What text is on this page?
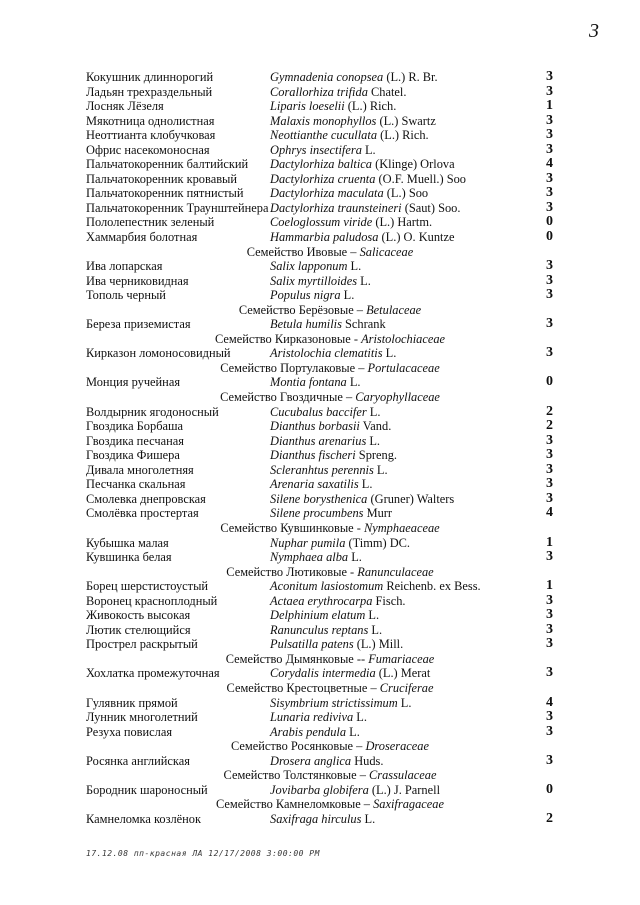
3
Кокушник длиннорогий	Gymnadenia conopsea (L.) R. Br.	3
Ладьян трехраздельный	Corallorhiza trifida Chatel.	3
Лосняк Лёзеля	Liparis loeselii (L.) Rich.	1
Мякотница однолистная	Malaxis monophyllos (L.) Swartz	3
Неоттианта клобучковая	Neottianthe cucullata (L.) Rich.	3
Офрис насекомоносная	Ophrys insectifera L.	3
Пальчатокоренник балтийский Dactylorhiza baltica (Klinge) Orlova	4
Пальчатокоренник кровавый	Dactylorhiza cruenta (O.F. Muell.) Soo	3
Пальчатокоренник пятнистый Dactylorhiza maculata (L.) Soo	3
Пальчатокоренник Траунштейнера Dactylorhiza traunsteineri (Saut) Soo.	3
Пололепестник зеленый	Coeloglossum viride (L.) Hartm.	0
Хаммарбия болотная	Hammarbia paludosa (L.) O. Kuntze	0
Семейство Ивовые – Salicaceae
Ива лопарская	Salix lapponum L.	3
Ива черниковидная	Salix myrtilloides L.	3
Тополь черный	Populus nigra L.	3
Семейство Берёзовые – Betulaceae
Береза приземистая	Betula humilis Schrank	3
Семейство Кирказоновые - Aristolochiaceae
Кирказон ломоносовидный	Aristolochia clematitis L.	3
Семейство Портулаковые – Portulacaceae
Монция ручейная	Montia fontana L.	0
Семейство Гвоздичные – Caryophyllaceae
Волдырник ягодоносный	Cucubalus baccifer L.	2
Гвоздика Борбаша	Dianthus borbasii Vand.	2
Гвоздика песчаная	Dianthus arenarius L.	3
Гвоздика Фишера	Dianthus fischeri Spreng.	3
Дивала многолетняя	Scleranhtus perennis L.	3
Песчанка скальная	Arenaria saxatilis L.	3
Смолевка днепровская	Silene borysthenica (Gruner) Walters	3
Смолёвка простертая	Silene procumbens Murr	4
Семейство Кувшинковые - Nymphaeaceae
Кубышка малая	Nuphar pumila (Timm) DC.	1
Кувшинка белая	Nymphaea alba L.	3
Семейство Лютиковые - Ranunculaceae
Борец шерстистоустый	Aconitum lasiostomum Reichenb. ex Bess.	1
Воронец красноплодный	Actaea erythrocarpa Fisch.	3
Живокость высокая	Delphinium elatum L.	3
Лютик стелющийся	Ranunculus reptans L.	3
Прострел раскрытый	Pulsatilla patens (L.) Mill.	3
Семейство Дымянковые -- Fumariaceae
Хохлатка промежуточная	Corydalis intermedia (L.) Merat	3
Семейство Крестоцветные – Cruciferae
Гулявник прямой	Sisymbrium strictissimum L.	4
Лунник многолетний	Lunaria rediviva L.	3
Резуха повислая	Arabis pendula L.	3
Семейство Росянковые – Droseraceae
Росянка английская	Drosera anglica Huds.	3
Семейство Толстянковые – Crassulaceae
Бородник шароносный	Jovibarba globifera (L.) J. Parnell	0
Семейство Камнеломковые – Saxifragaceae
Камнеломка козлёнок	Saxifraga hirculus L.	2
17.12.08 пп-красная ЛА 12/17/2008 3:00:00 PM
